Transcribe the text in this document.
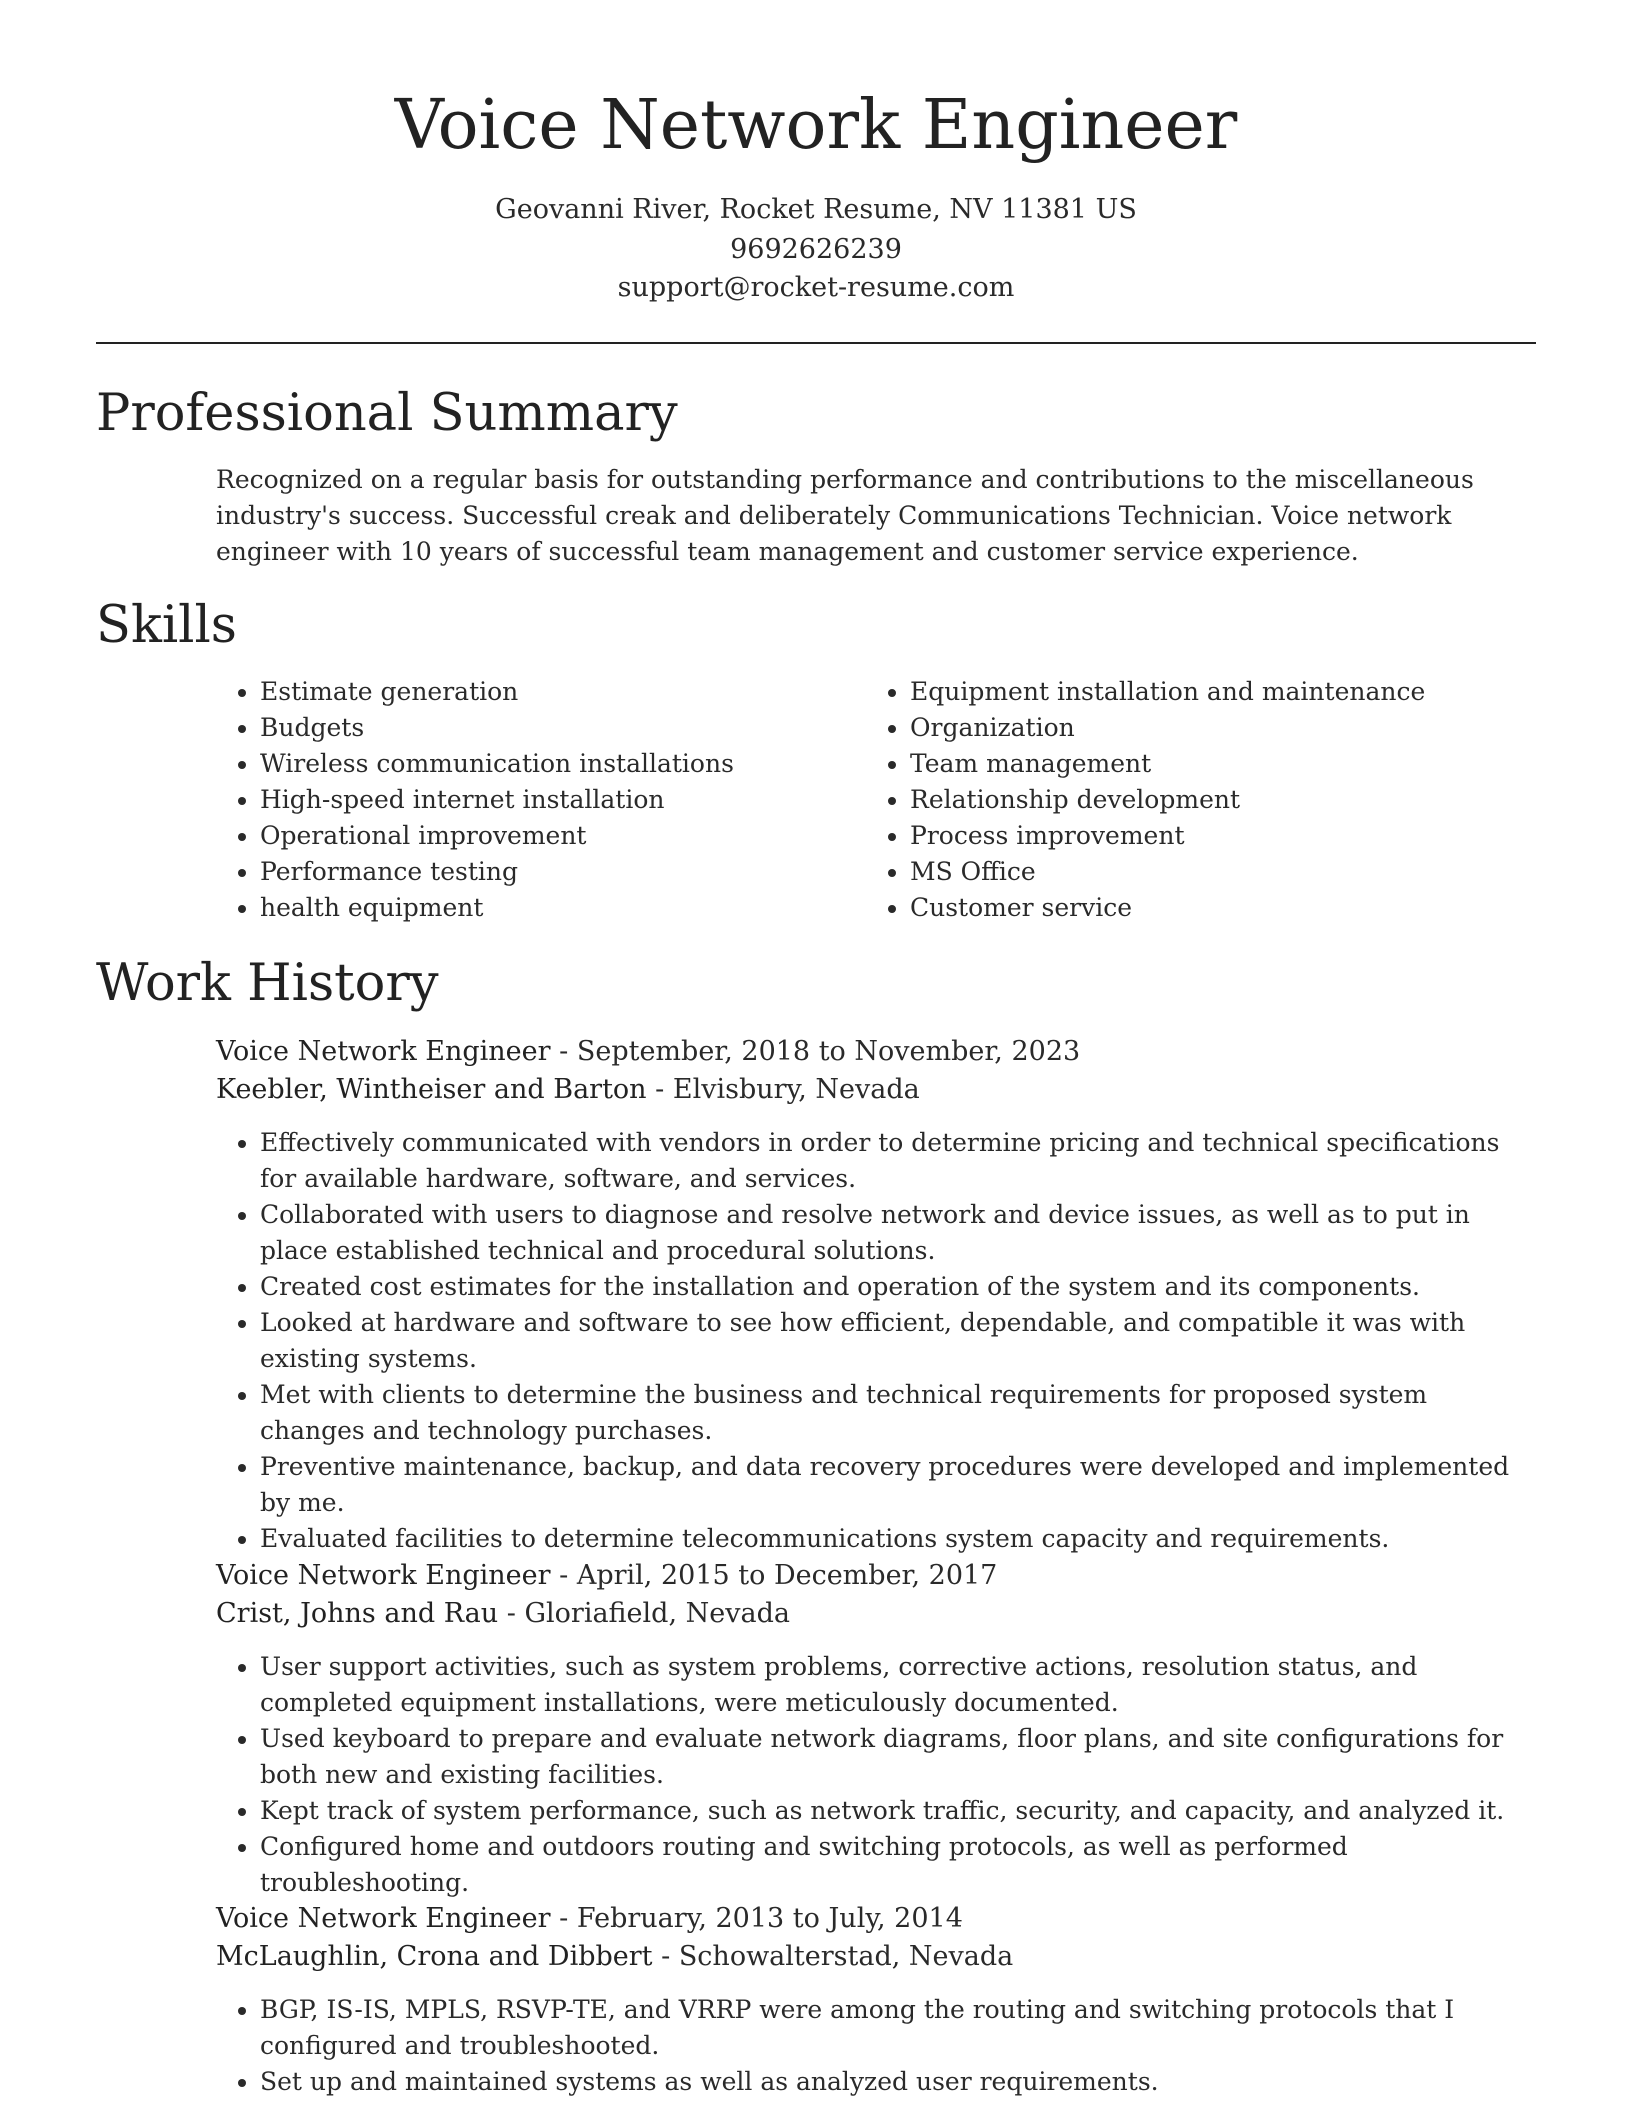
Voice Network Engineer
Geovanni River, Rocket Resume, NV 11381 US
9692626239
support@rocket-resume.com
Professional Summary

Recognized on a regular basis for outstanding performance and contributions to the miscellaneous industry's success. Successful creak and deliberately Communications Technician. Voice network engineer with 10 years of successful team management and customer service experience.

Skills
• Estimate generation
• Budgets
• Wireless communication installations
• High-speed internet installation
• Operational improvement
• Performance testing
• health equipment
• Equipment installation and maintenance
• Organization
• Team management
• Relationship development
• Process improvement
• MS Office
• Customer service
Work History

Voice Network Engineer - September, 2018 to November, 2023

Keebler, Wintheiser and Barton - Elvisbury, Nevada

• Effectively communicated with vendors in order to determine pricing and technical specifications for available hardware, software, and services.
• Collaborated with users to diagnose and resolve network and device issues, as well as to put in place established technical and procedural solutions.
• Created cost estimates for the installation and operation of the system and its components.
• Looked at hardware and software to see how efficient, dependable, and compatible it was with existing systems.
• Met with clients to determine the business and technical requirements for proposed system changes and technology purchases.
• Preventive maintenance, backup, and data recovery procedures were developed and implemented by me.
• Evaluated facilities to determine telecommunications system capacity and requirements.

Voice Network Engineer - April, 2015 to December, 2017

Crist, Johns and Rau - Gloriafield, Nevada

• User support activities, such as system problems, corrective actions, resolution status, and completed equipment installations, were meticulously documented.
• Used keyboard to prepare and evaluate network diagrams, floor plans, and site configurations for both new and existing facilities.
• Kept track of system performance, such as network traffic, security, and capacity, and analyzed it.
• Configured home and outdoors routing and switching protocols, as well as performed troubleshooting.

Voice Network Engineer - February, 2013 to July, 2014

McLaughlin, Crona and Dibbert - Schowalterstad, Nevada

• BGP, IS-IS, MPLS, RSVP-TE, and VRRP were among the routing and switching protocols that I configured and troubleshooted.
• Set up and maintained systems as well as analyzed user requirements.
